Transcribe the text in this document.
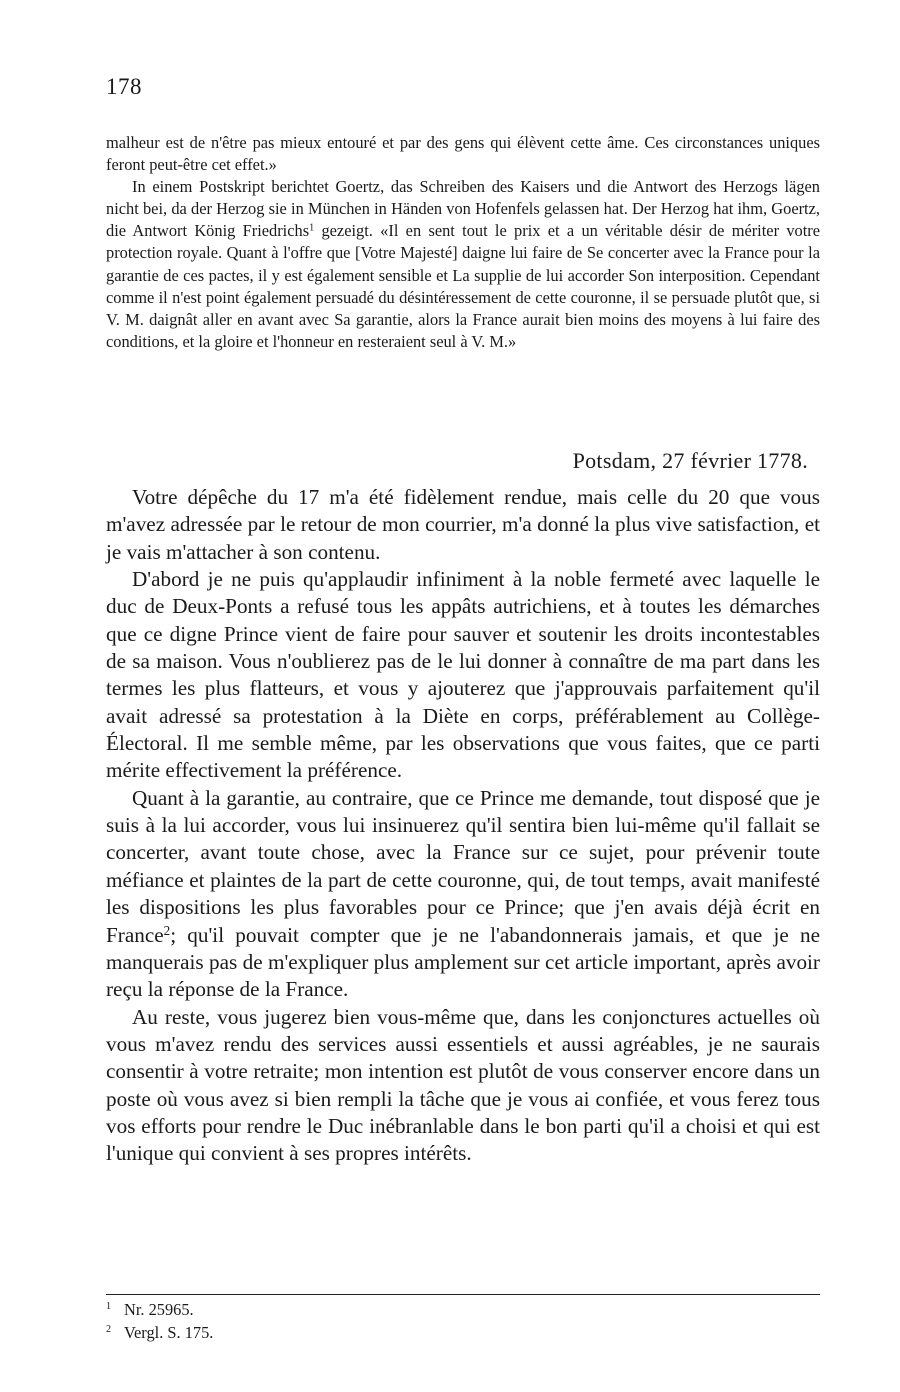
178

malheur est de n'être pas mieux entouré et par des gens qui élèvent cette âme. Ces circonstances uniques feront peut-être cet effet.»

In einem Postskript berichtet Goertz, das Schreiben des Kaisers und die Antwort des Herzogs lägen nicht bei, da der Herzog sie in München in Händen von Hofenfels gelassen hat. Der Herzog hat ihm, Goertz, die Antwort König Friedrichs$^1$ gezeigt. «Il en sent tout le prix et a un véritable désir de mériter votre protection royale. Quant à l'offre que [Votre Majesté] daigne lui faire de Se concerter avec la France pour la garantie de ces pactes, il y est également sensible et La supplie de lui accorder Son interposition. Cependant comme il n'est point également persuadé du désintéressement de cette couronne, il se persuade plutôt que, si V. M. daignât aller en avant avec Sa garantie, alors la France aurait bien moins des moyens à lui faire des conditions, et la gloire et l'honneur en resteraient seul à V. M.»

Potsdam, 27 février 1778.

Votre dépêche du 17 m'a été fidèlement rendue, mais celle du 20 que vous m'avez adressée par le retour de mon courrier, m'a donné la plus vive satisfaction, et je vais m'attacher à son contenu.

D'abord je ne puis qu'applaudir infiniment à la noble fermeté avec laquelle le duc de Deux-Ponts a refusé tous les appâts autrichiens, et à toutes les démarches que ce digne Prince vient de faire pour sauver et soutenir les droits incontestables de sa maison. Vous n'oublierez pas de le lui donner à connaître de ma part dans les termes les plus flatteurs, et vous y ajouterez que j'approuvais parfaitement qu'il avait adressé sa protestation à la Diète en corps, préférablement au Collège-Électoral. Il me semble même, par les observations que vous faites, que ce parti mérite effectivement la préférence.

Quant à la garantie, au contraire, que ce Prince me demande, tout disposé que je suis à la lui accorder, vous lui insinuerez qu'il sentira bien lui-même qu'il fallait se concerter, avant toute chose, avec la France sur ce sujet, pour prévenir toute méfiance et plaintes de la part de cette couronne, qui, de tout temps, avait manifesté les dispositions les plus favorables pour ce Prince; que j'en avais déjà écrit en France$^2$; qu'il pouvait compter que je ne l'abandonnerais jamais, et que je ne manquerais pas de m'expliquer plus amplement sur cet article important, après avoir reçu la réponse de la France.

Au reste, vous jugerez bien vous-même que, dans les conjonctures actuelles où vous m'avez rendu des services aussi essentiels et aussi agréables, je ne saurais consentir à votre retraite; mon intention est plutôt de vous conserver encore dans un poste où vous avez si bien rempli la tâche que je vous ai confiée, et vous ferez tous vos efforts pour rendre le Duc inébranlable dans le bon parti qu'il a choisi et qui est l'unique qui convient à ses propres intérêts.

$^1$ Nr. 25965.
$^2$ Vergl. S. 175.
